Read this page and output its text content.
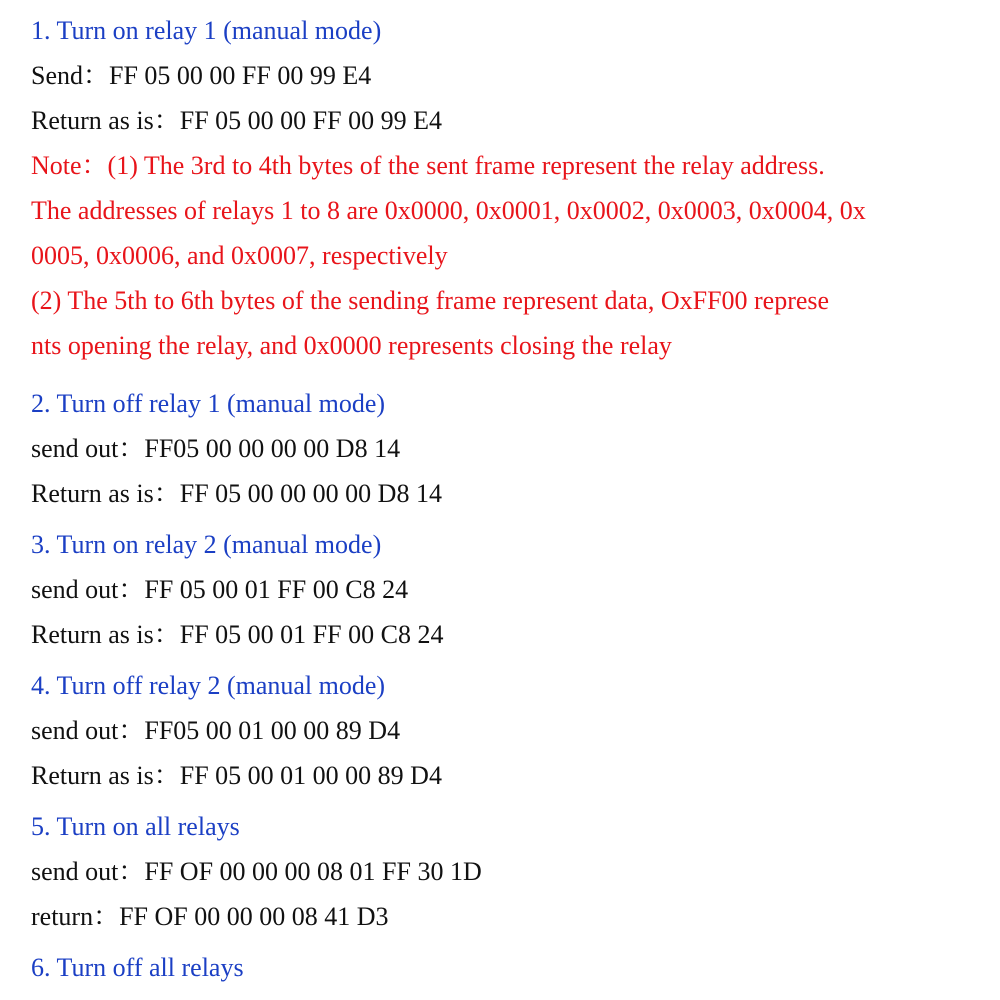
1. Turn on relay 1 (manual mode)
Send：FF 05 00 00 FF 00 99 E4
Return as is：FF 05 00 00 FF 00 99 E4
Note：(1) The 3rd to 4th bytes of the sent frame represent the relay address.
The addresses of relays 1 to 8 are 0x0000, 0x0001, 0x0002, 0x0003, 0x0004, 0x
0005, 0x0006, and 0x0007, respectively
(2) The 5th to 6th bytes of the sending frame represent data, OxFF00 represe
nts opening the relay, and 0x0000 represents closing the relay
2. Turn off relay 1 (manual mode)
send out：FF05 00 00 00 00 D8 14
Return as is：FF 05 00 00 00 00 D8 14
3. Turn on relay 2 (manual mode)
send out：FF 05 00 01 FF 00 C8 24
Return as is：FF 05 00 01 FF 00 C8 24
4. Turn off relay 2 (manual mode)
send out：FF05 00 01 00 00 89 D4
Return as is：FF 05 00 01 00 00 89 D4
5. Turn on all relays
send out：FF OF 00 00 00 08 01 FF 30 1D
return：FF OF 00 00 00 08 41 D3
6. Turn off all relays
